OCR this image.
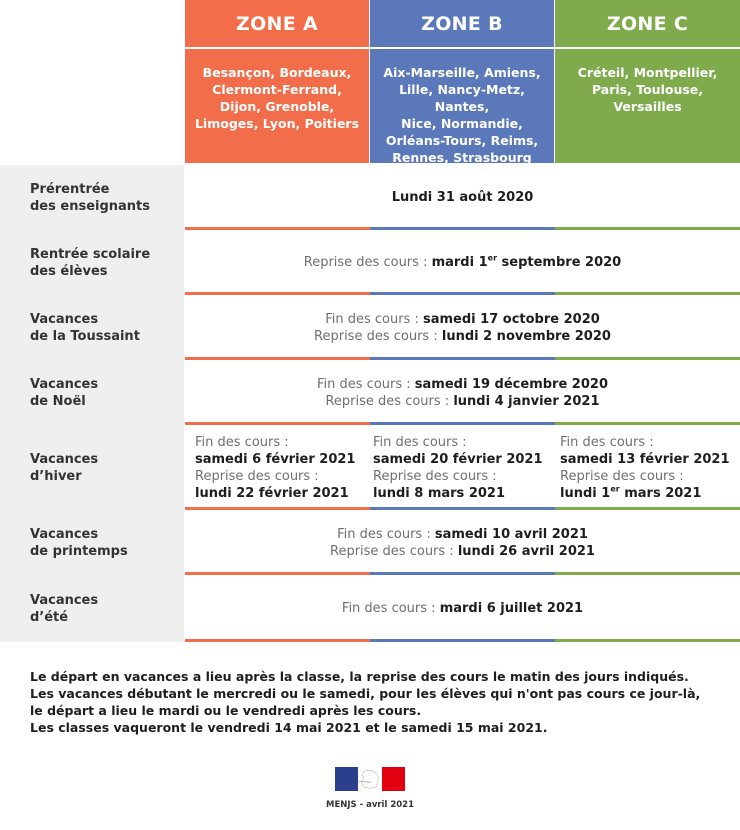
ZONE A
Besançon, Bordeaux,
Clermont-Ferrand,
Dijon, Grenoble,
Limoges, Lyon, Poitiers
ZONE B
Aix-Marseille, Amiens,
Lille, Nancy-Metz, Nantes,
Nice, Normandie,
Orléans-Tours, Reims,
Rennes, Strasbourg
ZONE C
Créteil, Montpellier,
Paris, Toulouse,
Versailles
Prérentrée
des enseignants
Lundi 31 août 2020
Rentrée scolaire
des élèves
Reprise des cours : mardi 1er septembre 2020
Vacances
de la Toussaint
Fin des cours : samedi 17 octobre 2020
Reprise des cours : lundi 2 novembre 2020
Vacances
de Noël
Fin des cours : samedi 19 décembre 2020
Reprise des cours : lundi 4 janvier 2021
Vacances
d’hiver
Fin des cours :
samedi 6 février 2021
Reprise des cours :
lundi 22 février 2021
Fin des cours :
samedi 20 février 2021
Reprise des cours :
lundi 8 mars 2021
Fin des cours :
samedi 13 février 2021
Reprise des cours :
lundi 1er mars 2021
Vacances
de printemps
Fin des cours : samedi 10 avril 2021
Reprise des cours : lundi 26 avril 2021
Vacances
d’été
Fin des cours : mardi 6 juillet 2021
Le départ en vacances a lieu après la classe, la reprise des cours le matin des jours indiqués.
Les vacances débutant le mercredi ou le samedi, pour les élèves qui n'ont pas cours ce jour-là,
le départ a lieu le mardi ou le vendredi après les cours.
Les classes vaqueront le vendredi 14 mai 2021 et le samedi 15 mai 2021.
MENJS - avril 2021
